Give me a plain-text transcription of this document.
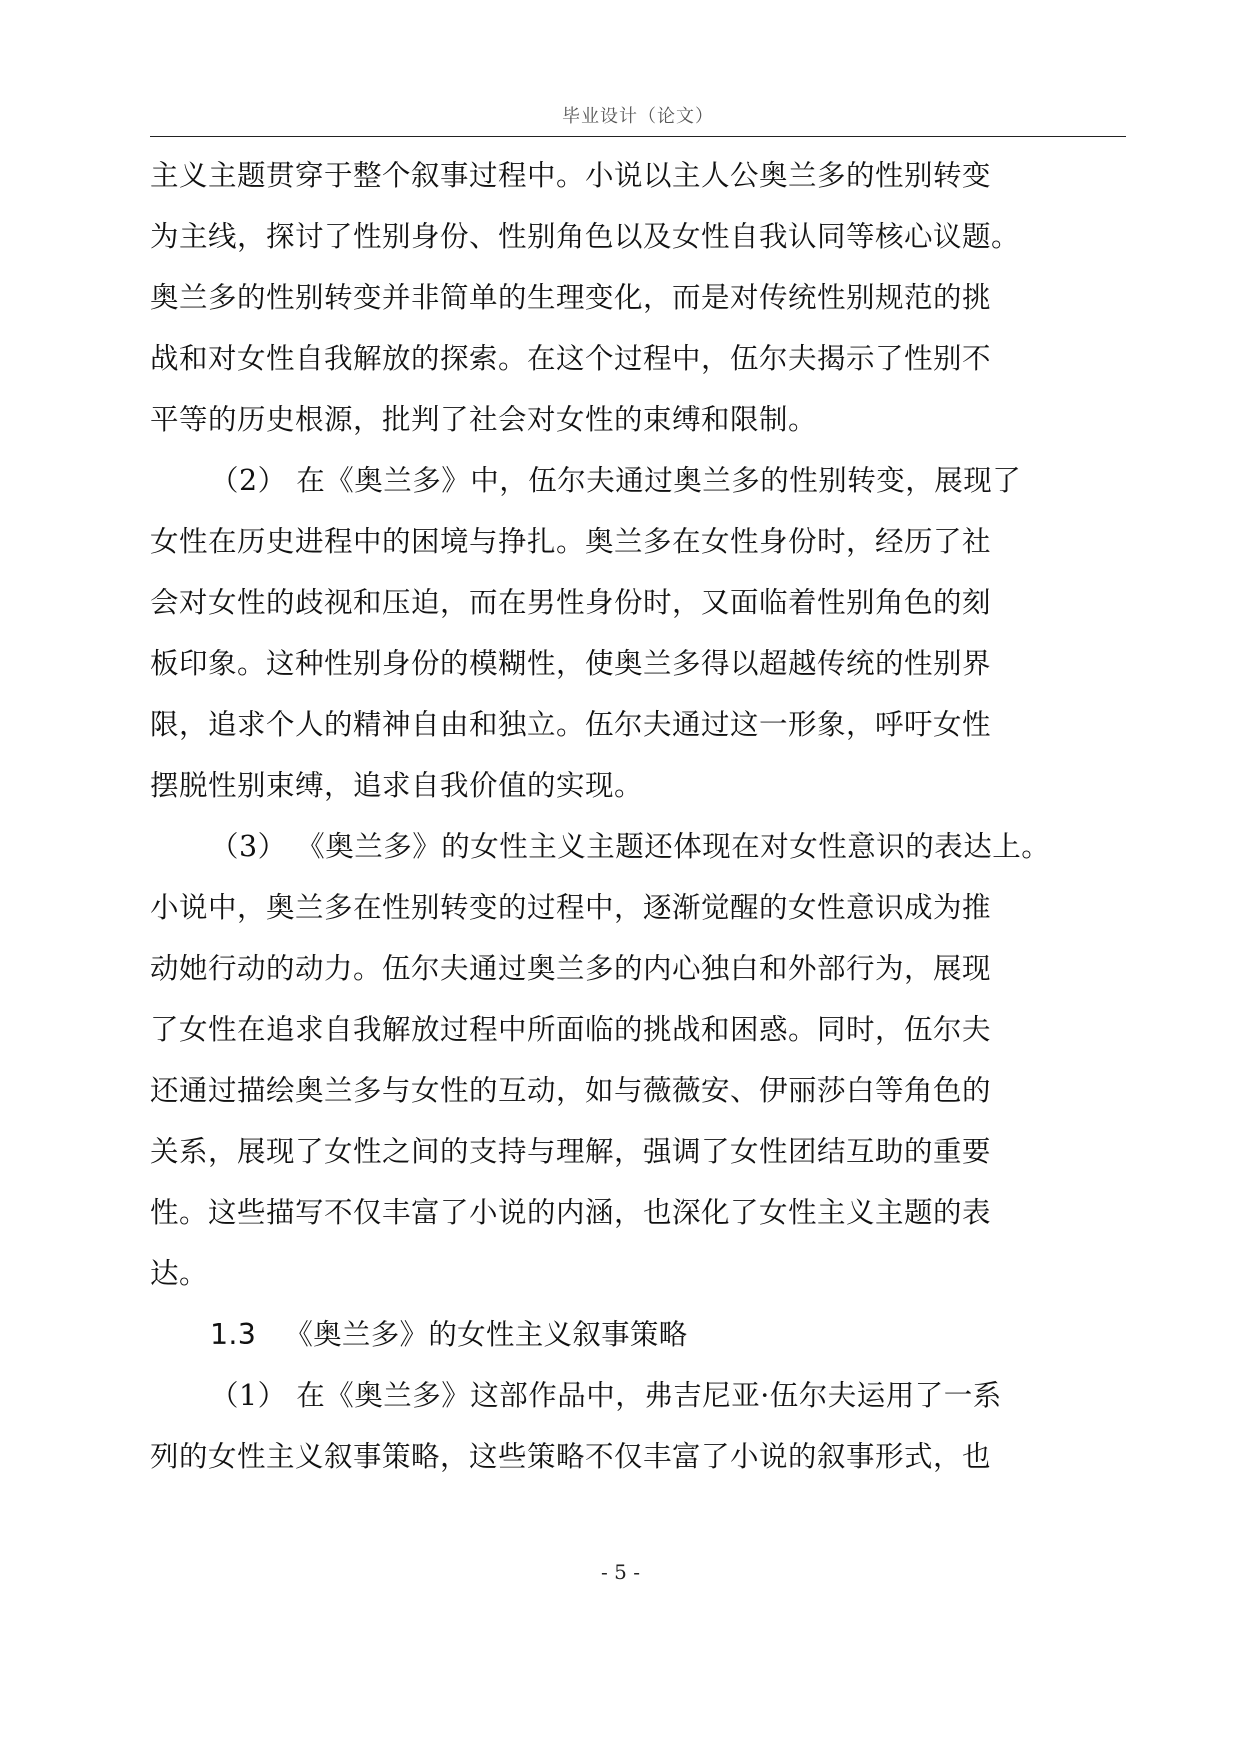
毕业设计（论文）
主义主题贯穿于整个叙事过程中。小说以主人公奥兰多的性别转变
为主线，探讨了性别身份、性别角色以及女性自我认同等核心议题。
奥兰多的性别转变并非简单的生理变化，而是对传统性别规范的挑
战和对女性自我解放的探索。在这个过程中，伍尔夫揭示了性别不
平等的历史根源，批判了社会对女性的束缚和限制。
（2） 在《奥兰多》中，伍尔夫通过奥兰多的性别转变，展现了
女性在历史进程中的困境与挣扎。奥兰多在女性身份时，经历了社
会对女性的歧视和压迫，而在男性身份时，又面临着性别角色的刻
板印象。这种性别身份的模糊性，使奥兰多得以超越传统的性别界
限，追求个人的精神自由和独立。伍尔夫通过这一形象，呼吁女性
摆脱性别束缚，追求自我价值的实现。
（3） 《奥兰多》的女性主义主题还体现在对女性意识的表达上。
小说中，奥兰多在性别转变的过程中，逐渐觉醒的女性意识成为推
动她行动的动力。伍尔夫通过奥兰多的内心独白和外部行为，展现
了女性在追求自我解放过程中所面临的挑战和困惑。同时，伍尔夫
还通过描绘奥兰多与女性的互动，如与薇薇安、伊丽莎白等角色的
关系，展现了女性之间的支持与理解，强调了女性团结互助的重要
性。这些描写不仅丰富了小说的内涵，也深化了女性主义主题的表
达。
1.3 《奥兰多》的女性主义叙事策略
（1） 在《奥兰多》这部作品中，弗吉尼亚·伍尔夫运用了一系
列的女性主义叙事策略，这些策略不仅丰富了小说的叙事形式，也
- 5 -
